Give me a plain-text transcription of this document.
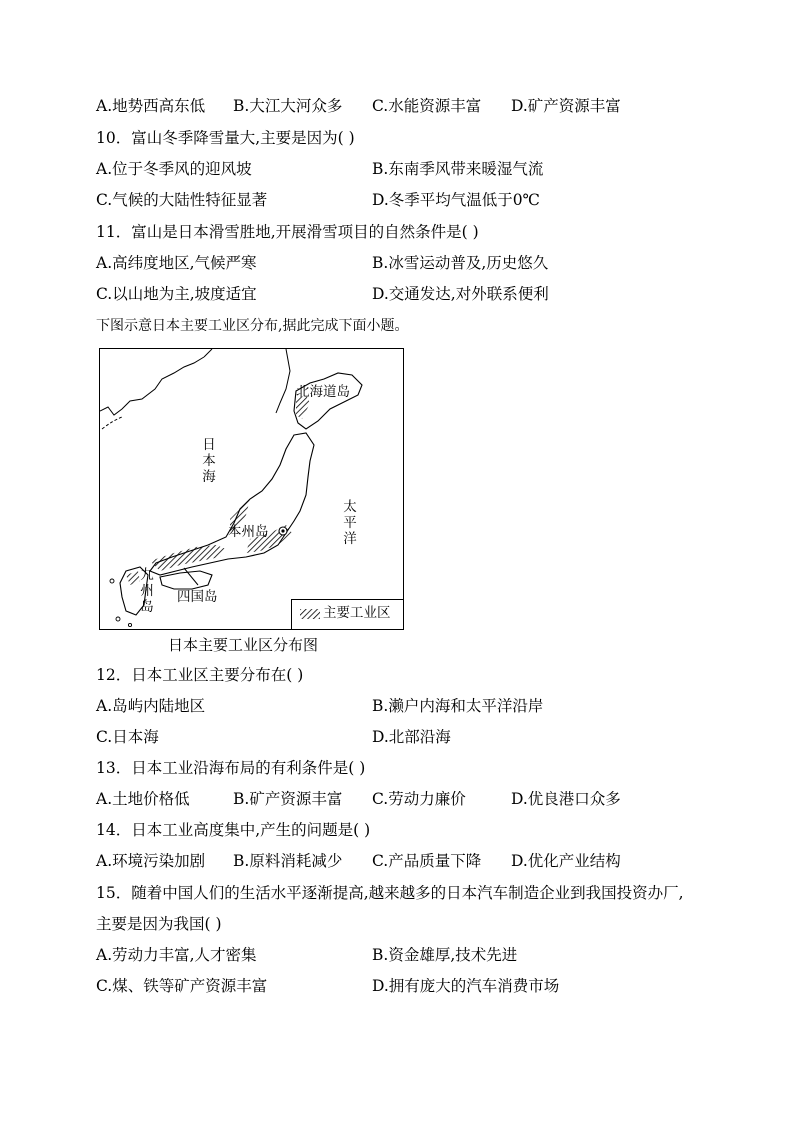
A.地势西高东低 B.大江大河众多 C.水能资源丰富 D.矿产资源丰富
10．富山冬季降雪量大,主要是因为( )
A.位于冬季风的迎风坡	B.东南季风带来暖湿气流
C.气候的大陆性特征显著	D.冬季平均气温低于0℃
11．富山是日本滑雪胜地,开展滑雪项目的自然条件是( )
A.高纬度地区,气候严寒	B.冰雪运动普及,历史悠久
C.以山地为主,坡度适宜	D.交通发达,对外联系便利
下图示意日本主要工业区分布,据此完成下面小题。
北海道岛
日本海
太平洋
本州岛
九州岛
四国岛
主要工业区
日本主要工业区分布图
12．日本工业区主要分布在( )
A.岛屿内陆地区	B.濑户内海和太平洋沿岸
C.日本海	D.北部沿海
13．日本工业沿海布局的有利条件是( )
A.土地价格低	B.矿产资源丰富 C.劳动力廉价	D.优良港口众多
14．日本工业高度集中,产生的问题是( )
A.环境污染加剧 B.原料消耗减少 C.产品质量下降 D.优化产业结构
15．随着中国人们的生活水平逐渐提高,越来越多的日本汽车制造企业到我国投资办厂,
主要是因为我国( )
A.劳动力丰富,人才密集	B.资金雄厚,技术先进
C.煤、铁等矿产资源丰富	D.拥有庞大的汽车消费市场
